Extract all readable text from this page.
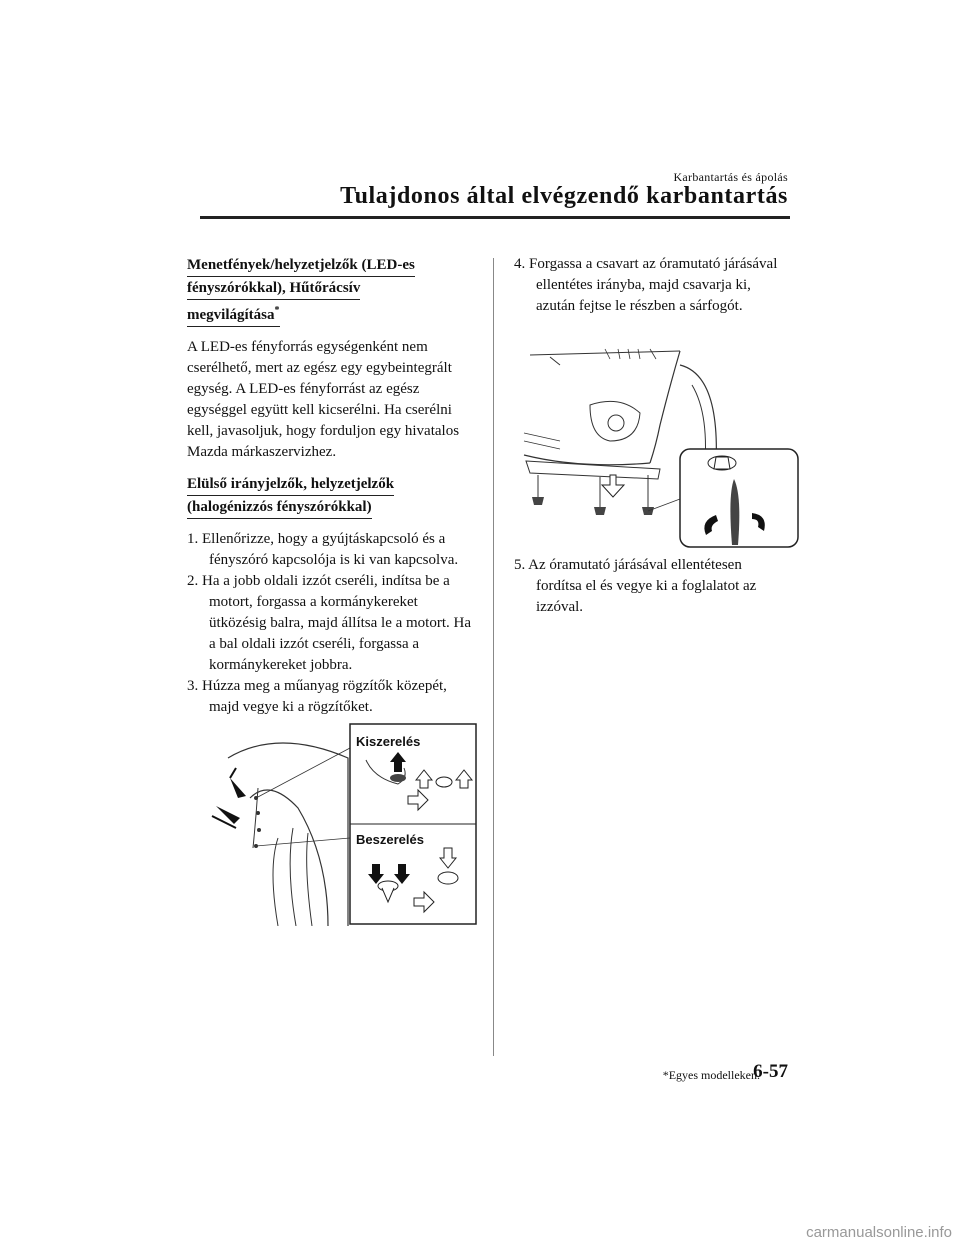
Karbantartás és ápolás
Tulajdonos által elvégzendő karbantartás
Menetfények/helyzetjelzők (LED-es
fényszórókkal), Hűtőrácsív
megvilágítása*
A LED-es fényforrás egységenként nem cserélhető, mert az egész egy egybeintegrált egység. A LED-es fényforrást az egész egységgel együtt kell kicserélni. Ha cserélni kell, javasoljuk, hogy forduljon egy hivatalos Mazda márkaszervizhez.
Elülső irányjelzők, helyzetjelzők
(halogénizzós fényszórókkal)
1. Ellenőrizze, hogy a gyújtáskapcsoló és a fényszóró kapcsolója is ki van kapcsolva.
2. Ha a jobb oldali izzót cseréli, indítsa be a motort, forgassa a kormánykereket ütközésig balra, majd állítsa le a motort. Ha a bal oldali izzót cseréli, forgassa a kormánykereket jobbra.
3. Húzza meg a műanyag rögzítők közepét, majd vegye ki a rögzítőket.
Kiszerelés
Beszerelés
4. Forgassa a csavart az óramutató járásával ellentétes irányba, majd csavarja ki, azután fejtse le részben a sárfogót.
5. Az óramutató járásával ellentétesen fordítsa el és vegye ki a foglalatot az izzóval.
*Egyes modelleken.
6-57
carmanualsonline.info
